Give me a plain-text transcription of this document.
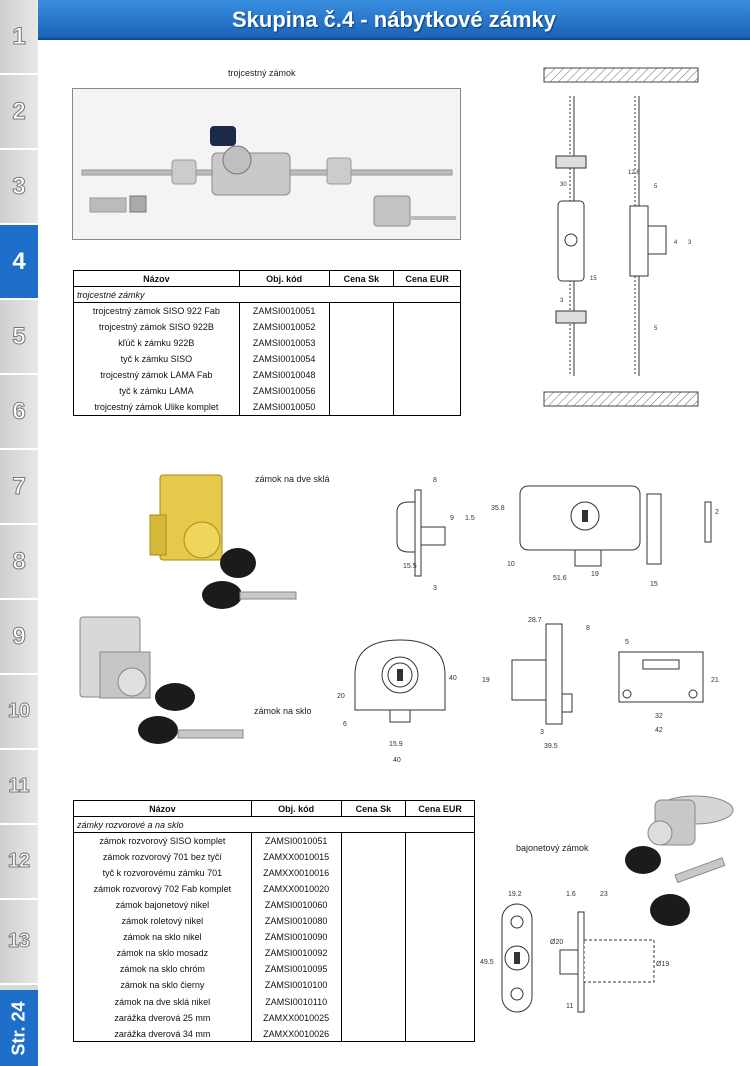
1
2
3
4
5
6
7
8
9
10
11
12
13
Str. 24
Skupina č.4 - nábytkové zámky
trojcestný zámok
zámok na dve sklá
zámok na sklo
bajonetový zámok
12.6
5
4 3
15
30
5
3
Názov	Obj. kód	Cena Sk	Cena EUR
trojcestné zámky			
trojcestný zámok SISO 922 Fab	ZAMSI0010051		
trojcestný zámok SISO 922B	ZAMSI0010052		
kľúč k zámku 922B	ZAMSI0010053		
tyč k zámku SISO	ZAMSI0010054		
trojcestný zámok LAMA Fab	ZAMSI0010048		
tyč k zámku LAMA	ZAMSI0010056		
trojcestný zámok Ulike komplet	ZAMSI0010050		
8
9 1.5
15.5
3
35.8
10
51.6
19
15
2
40
20
6
15.9
40
28.7
8
19
3
39.5
5
21
32
42
Názov	Obj. kód	Cena Sk	Cena EUR
zámky rozvorové a na sklo			
zámok rozvorový SISO komplet	ZAMSI0010051		
zámok rozvorový 701 bez tyčí	ZAMXX0010015		
tyč k rozvorovému zámku 701	ZAMXX0010016		
zámok rozvorový 702 Fab komplet	ZAMXX0010020		
zámok bajonetový nikel	ZAMSI0010060		
zámok roletový nikel	ZAMSI0010080		
zámok na sklo nikel	ZAMSI0010090		
zámok na sklo mosadz	ZAMSI0010092		
zámok na sklo chróm	ZAMSI0010095		
zámok na sklo čierny	ZAMSI0010100		
zámok na dve sklá nikel	ZAMSI0010110		
zarážka dverová 25 mm	ZAMXX0010025		
zarážka dverová 34 mm	ZAMXX0010026		
19.2	1.6	23
49.5
Ø20
Ø19
11
